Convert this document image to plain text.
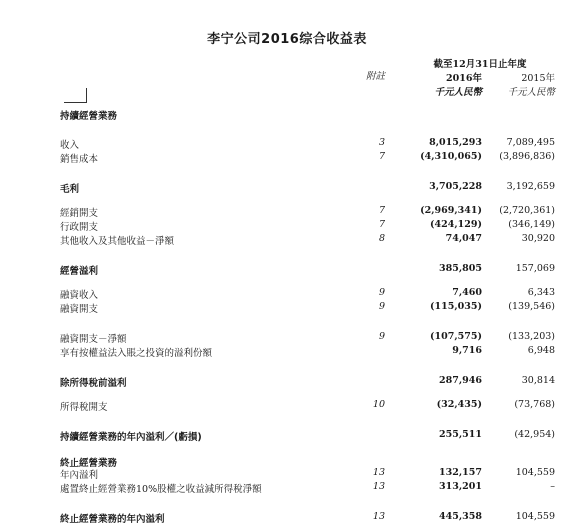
李宁公司2016综合收益表
附註
截至12月31日止年度
2016年	2015年
千元人民幣	千元人民幣
持續經營業務
收入	3	8,015,293	7,089,495
銷售成本	7	(4,310,065)	(3,896,836)
毛利	3,705,228	3,192,659
經銷開支	7	(2,969,341)	(2,720,361)
行政開支	7	(424,129)	(346,149)
其他收入及其他收益－淨額	8	74,047	30,920
經營溢利	385,805	157,069
融資收入	9	7,460	6,343
融資開支	9	(115,035)	(139,546)
融資開支－淨額	9	(107,575)	(133,203)
享有按權益法入賬之投資的溢利份額	9,716	6,948
除所得稅前溢利	287,946	30,814
所得稅開支	10	(32,435)	(73,768)
持續經營業務的年內溢利／(虧損)	255,511	(42,954)
終止經營業務
年內溢利	13	132,157	104,559
處置終止經營業務10%股權之收益減所得稅淨額	13	313,201	–
終止經營業務的年內溢利	13	445,358	104,559
